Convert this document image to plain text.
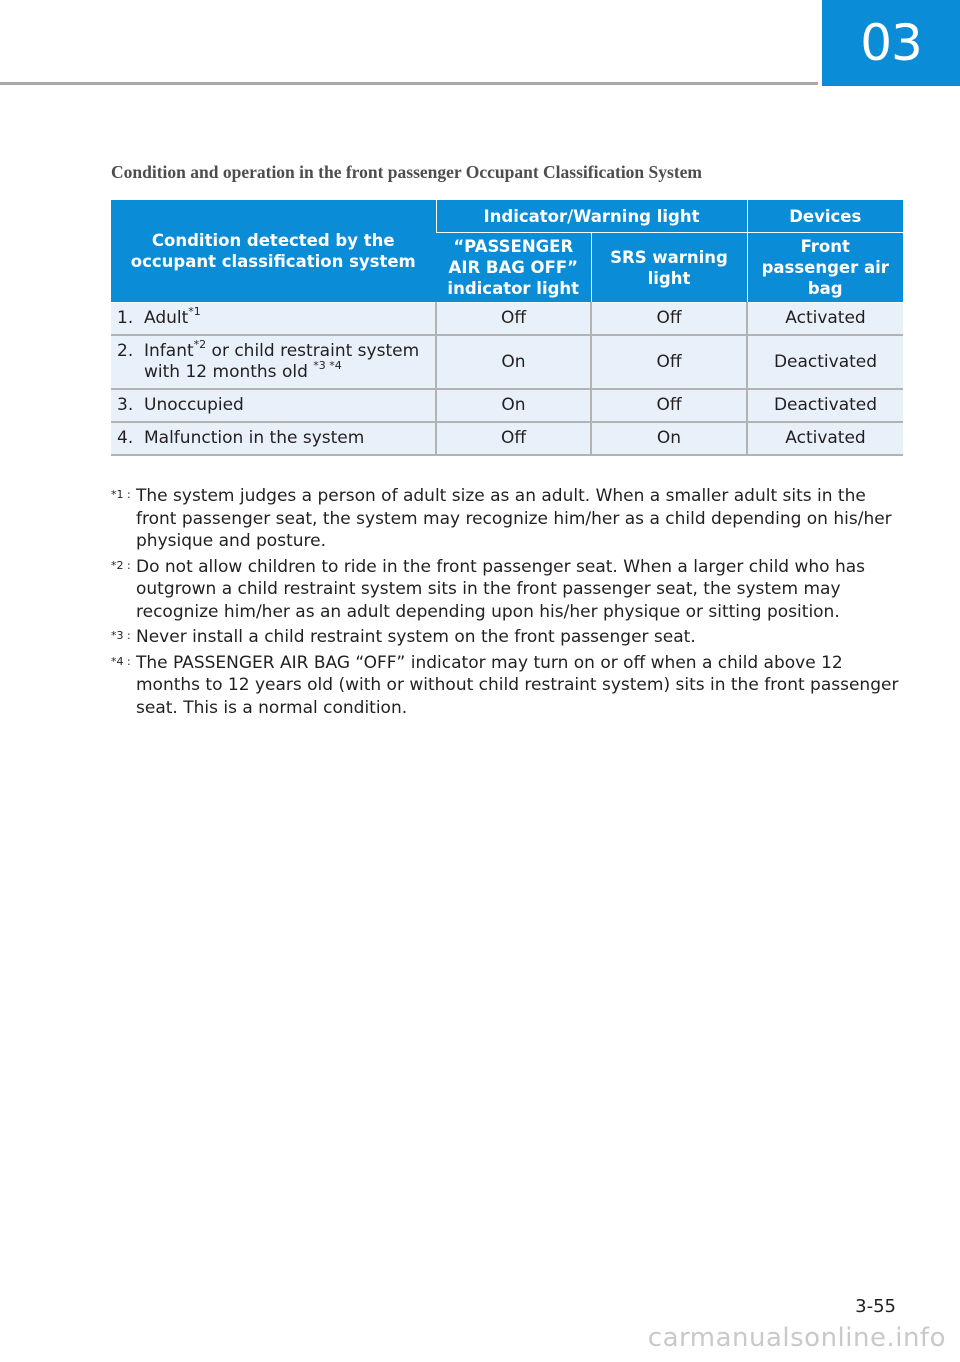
03
Condition and operation in the front passenger Occupant Classification System
Condition detected by the occupant classification system	Indicator/Warning light		Devices
	“PASSENGER AIR BAG OFF” indicator light	SRS warning light	Front passenger air bag

1. Adult$^{*1}$	Off	Off	Activated

2. Infant$^{*2}$ or child restraint system with 12 months old $^{*3 *4}$	On	Off	Deactivated

3. Unoccupied	On	Off	Deactivated

4. Malfunction in the system	Off	On	Activated
*1 : The system judges a person of adult size as an adult. When a smaller adult sits in the front passenger seat, the system may recognize him/her as a child depending on his/her physique and posture.
*2 : Do not allow children to ride in the front passenger seat. When a larger child who has outgrown a child restraint system sits in the front passenger seat, the system may recognize him/her as an adult depending upon his/her physique or sitting position.
*3 : Never install a child restraint system on the front passenger seat.
*4 : The PASSENGER AIR BAG “OFF” indicator may turn on or off when a child above 12 months to 12 years old (with or without child restraint system) sits in the front passenger seat. This is a normal condition.
3-55
carmanualsonline.info
